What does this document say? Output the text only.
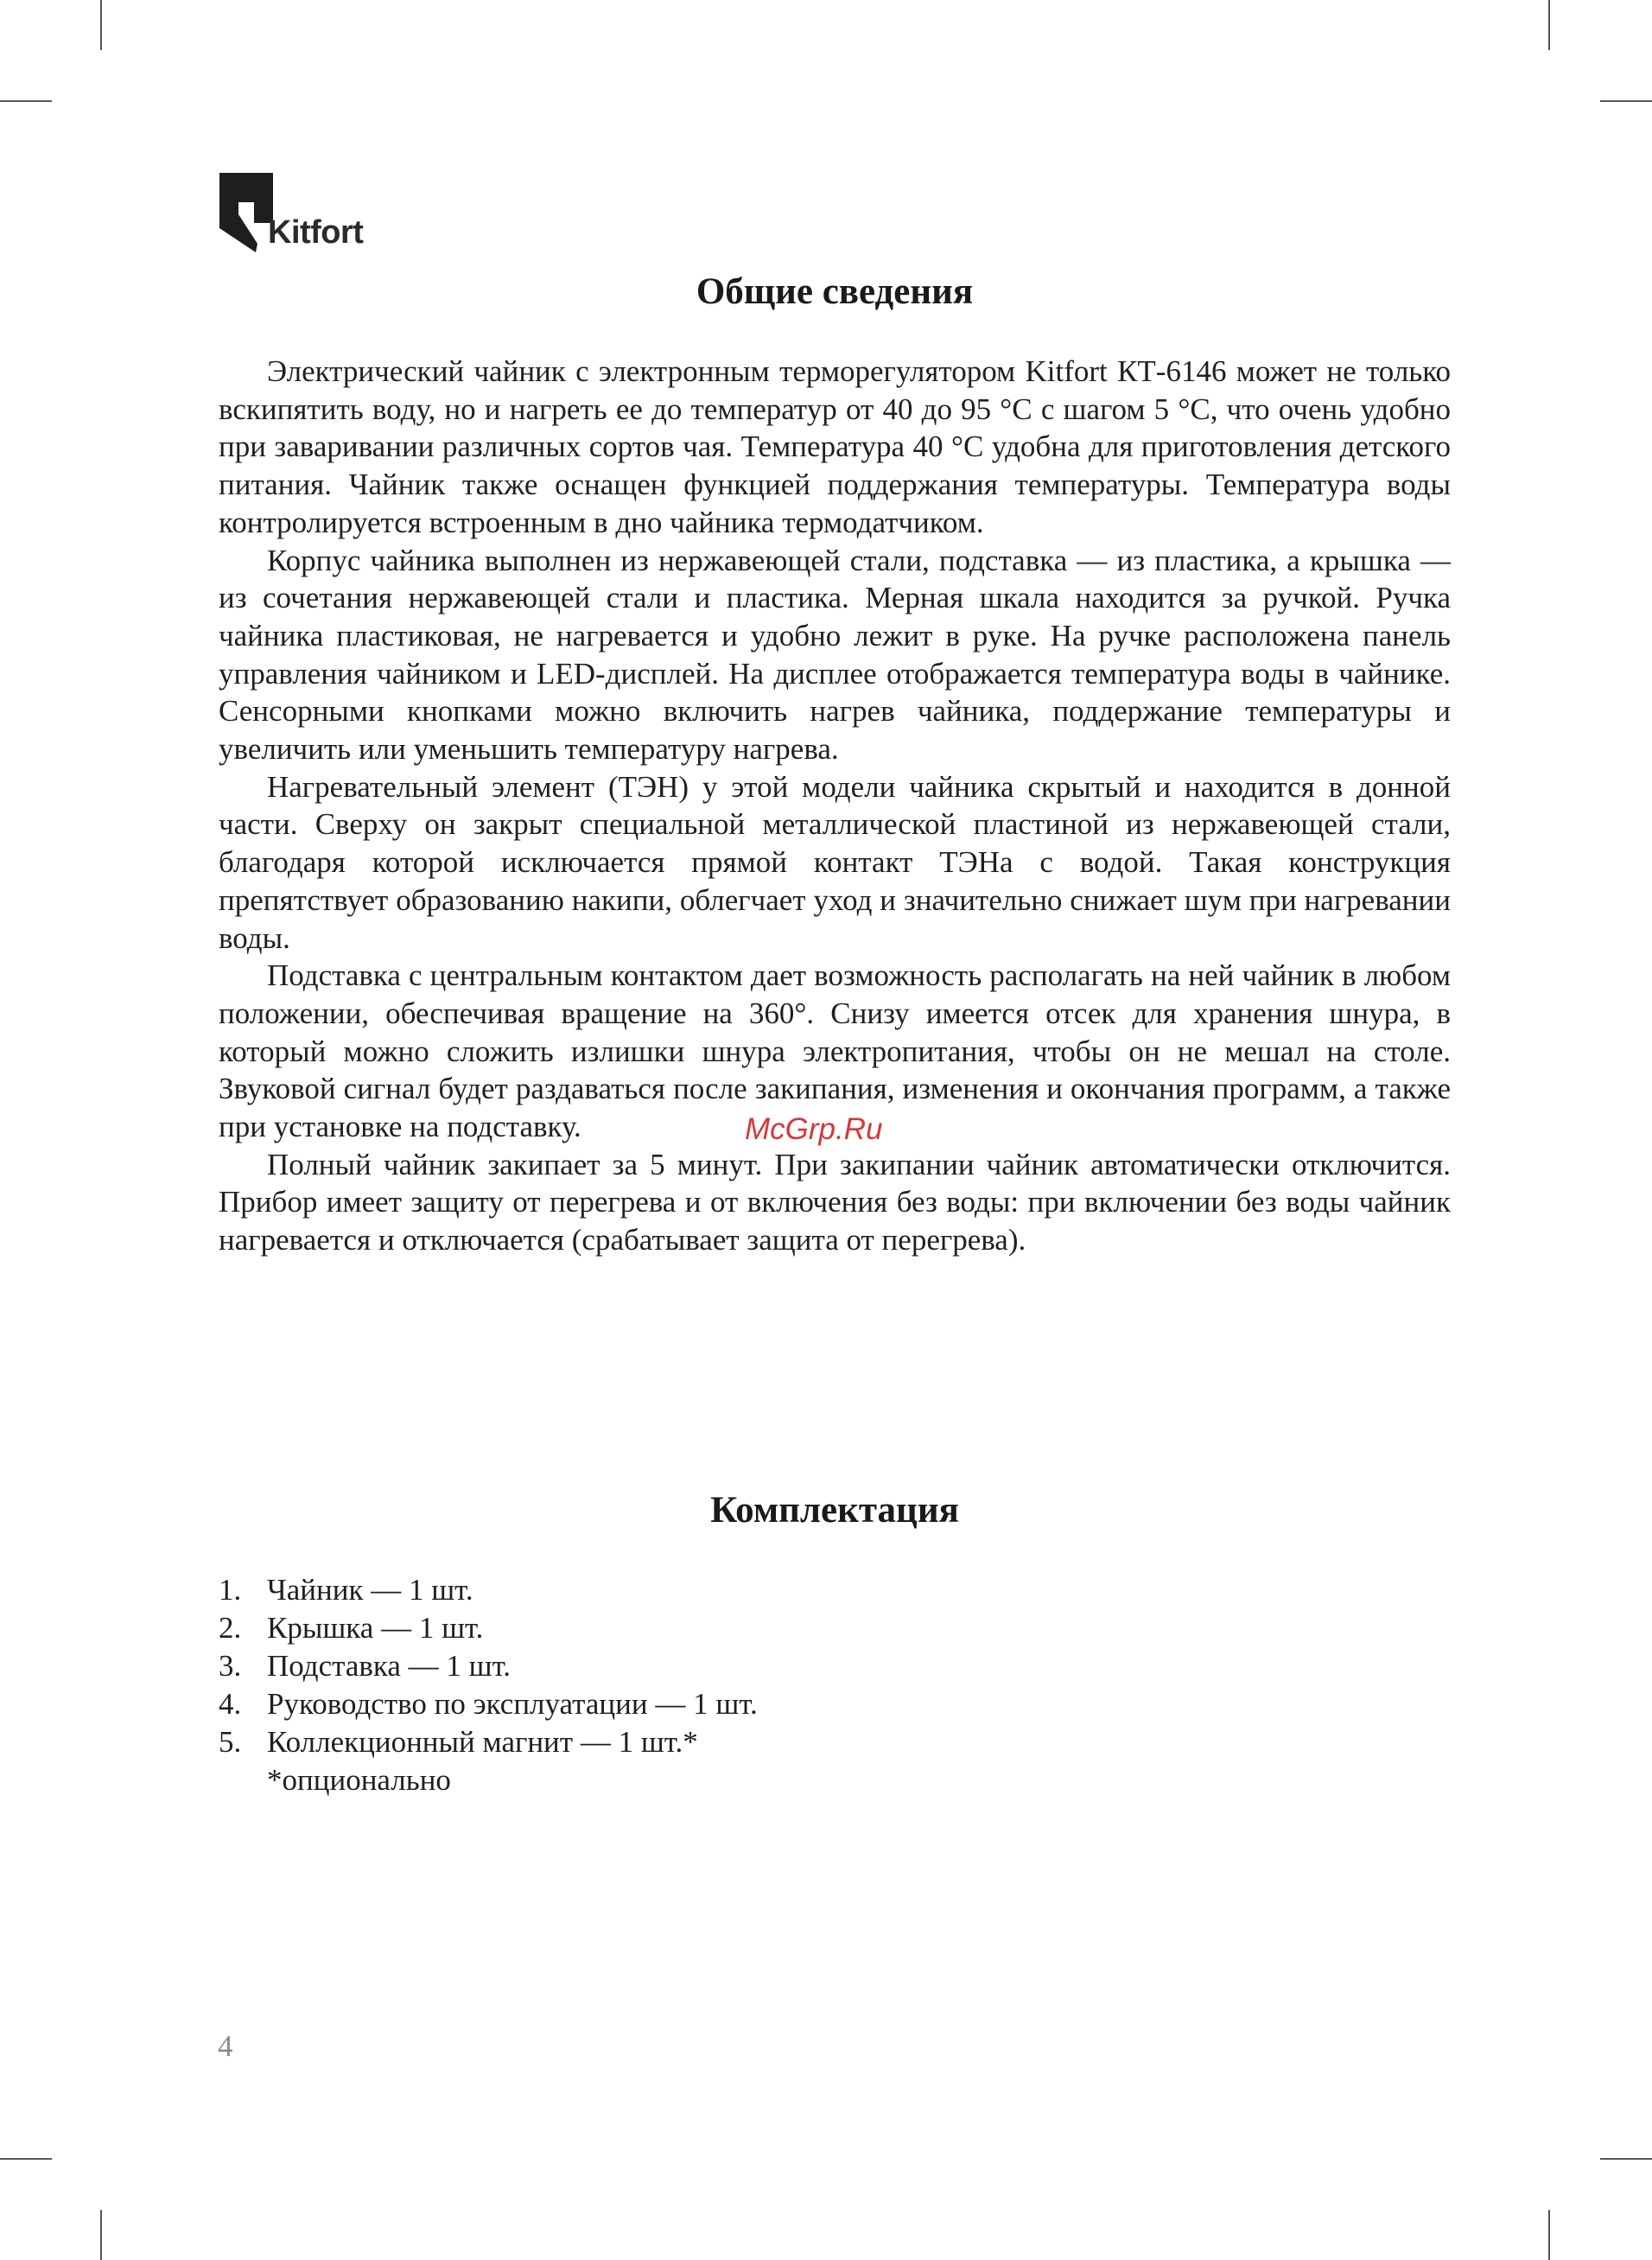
Kitfort
Общие сведения

Электрический чайник с электронным терморегулятором Kitfort КТ-6146 может не только вскипятить воду, но и нагреть ее до температур от 40 до 95 °C с шагом 5 °C, что очень удобно при заваривании различных сортов чая. Температура 40 °C удобна для приготовления детского питания. Чайник также оснащен функцией поддержания температуры. Температура воды контролируется встроенным в дно чайника термодатчиком.

Корпус чайника выполнен из нержавеющей стали, подставка — из пластика, а крышка — из сочетания нержавеющей стали и пластика. Мерная шкала находится за ручкой. Ручка чайника пластиковая, не нагревается и удобно лежит в руке. На ручке расположена панель управления чайником и LED-дисплей. На дисплее отображается температура воды в чайнике. Сенсорными кнопками можно включить нагрев чайника, поддержание температуры и увеличить или уменьшить температуру нагрева.

Нагревательный элемент (ТЭН) у этой модели чайника скрытый и находится в донной части. Сверху он закрыт специальной металлической пластиной из нержавеющей стали, благодаря которой исключается прямой контакт ТЭНа с водой. Такая конструкция препятствует образованию накипи, облегчает уход и значительно снижает шум при нагревании воды.

Подставка с центральным контактом дает возможность располагать на ней чайник в любом положении, обеспечивая вращение на 360°. Снизу имеется отсек для хранения шнура, в который можно сложить излишки шнура электропитания, чтобы он не мешал на столе. Звуковой сигнал будет раздаваться после закипания, изменения и окончания программ, а также при установке на подставку.

Полный чайник закипает за 5 минут. При закипании чайник автоматически отключится. Прибор имеет защиту от перегрева и от включения без воды: при включении без воды чайник нагревается и отключается (срабатывает защита от перегрева).

McGrp.Ru
Комплектация
1. Чайник — 1 шт.
2. Крышка — 1 шт.
3. Подставка — 1 шт.
4. Руководство по эксплуатации — 1 шт.
5. Коллекционный магнит — 1 шт.*
*опционально
4
